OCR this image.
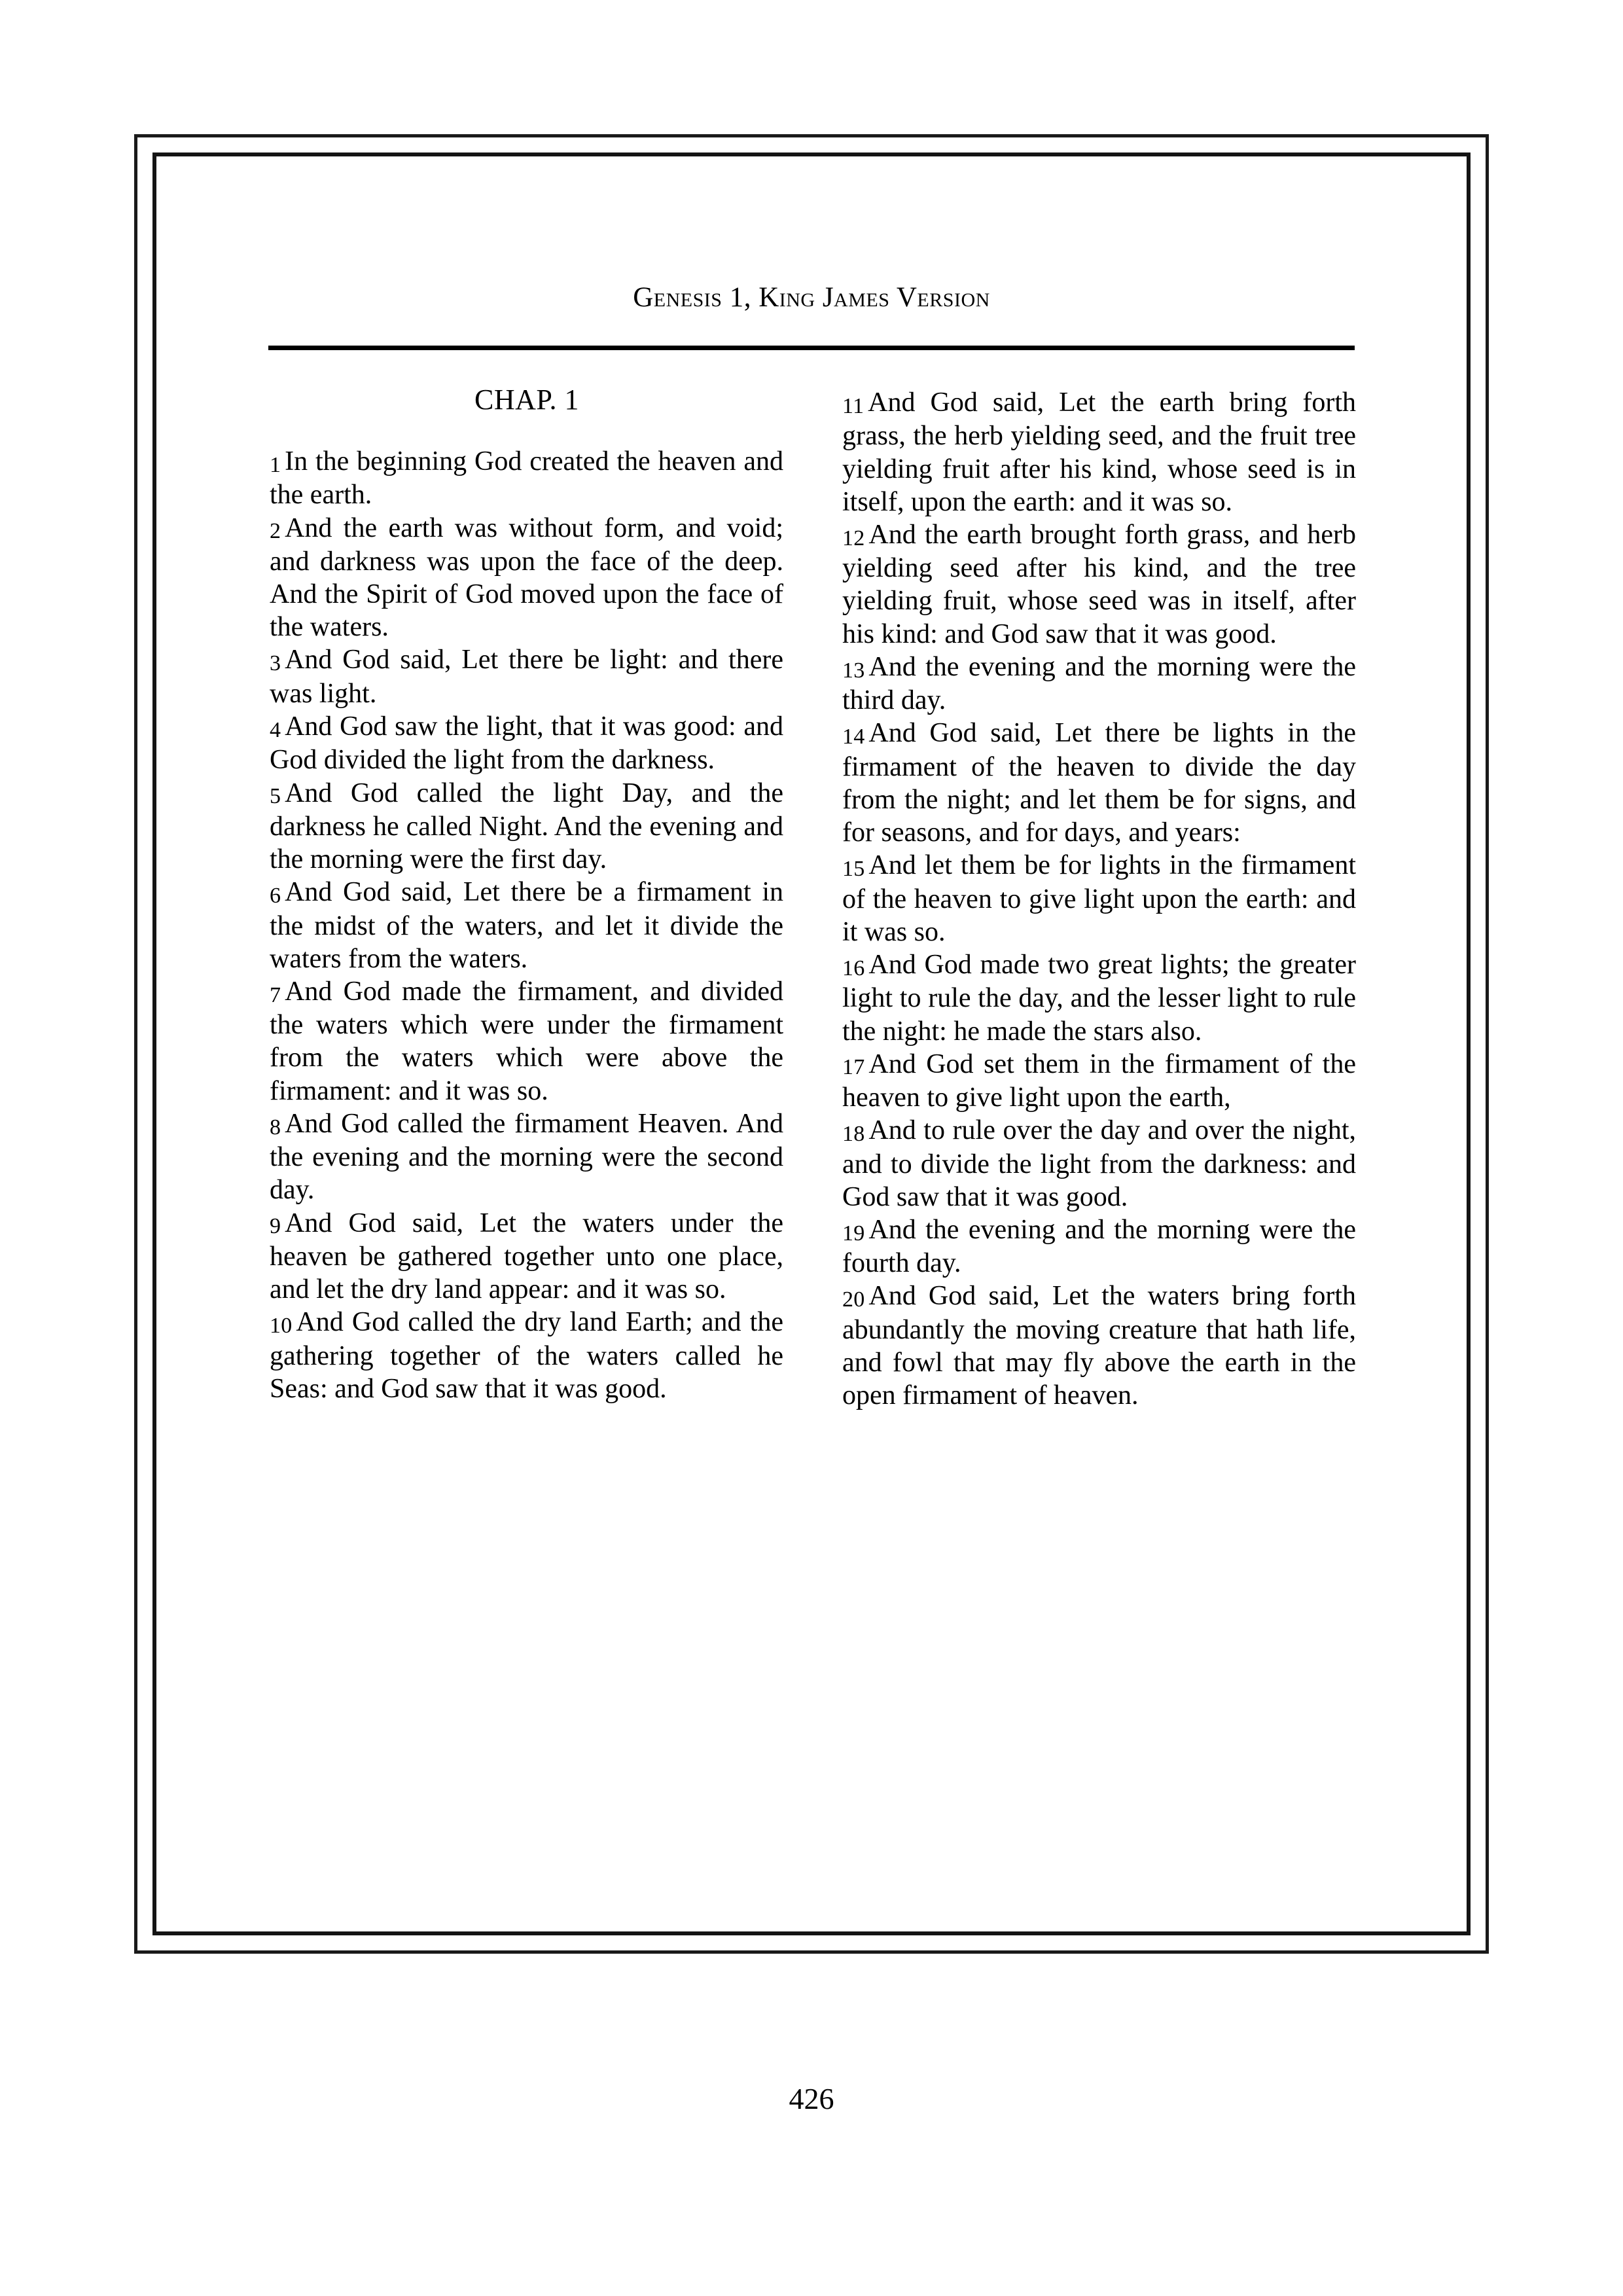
Genesis 1, King James Version
CHAP. 1

1 In the beginning God created the heaven and the earth.

2 And the earth was without form, and void; and darkness was upon the face of the deep. And the Spirit of God moved upon the face of the waters.

3 And God said, Let there be light: and there was light.

4 And God saw the light, that it was good: and God divided the light from the darkness.

5 And God called the light Day, and the darkness he called Night. And the evening and the morning were the first day.

6 And God said, Let there be a firmament in the midst of the waters, and let it divide the waters from the waters.

7 And God made the firmament, and divided the waters which were under the firmament from the waters which were above the firmament: and it was so.

8 And God called the firmament Heaven. And the evening and the morning were the second day.

9 And God said, Let the waters under the heaven be gathered together unto one place, and let the dry land appear: and it was so.

10 And God called the dry land Earth; and the gathering together of the waters called he Seas: and God saw that it was good.

11 And God said, Let the earth bring forth grass, the herb yielding seed, and the fruit tree yielding fruit after his kind, whose seed is in itself, upon the earth: and it was so.

12 And the earth brought forth grass, and herb yielding seed after his kind, and the tree yielding fruit, whose seed was in itself, after his kind: and God saw that it was good.

13 And the evening and the morning were the third day.

14 And God said, Let there be lights in the firmament of the heaven to divide the day from the night; and let them be for signs, and for seasons, and for days, and years:

15 And let them be for lights in the firmament of the heaven to give light upon the earth: and it was so.

16 And God made two great lights; the greater light to rule the day, and the lesser light to rule the night: he made the stars also.

17 And God set them in the firmament of the heaven to give light upon the earth,

18 And to rule over the day and over the night, and to divide the light from the darkness: and God saw that it was good.

19 And the evening and the morning were the fourth day.

20 And God said, Let the waters bring forth abundantly the moving creature that hath life, and fowl that may fly above the earth in the open firmament of heaven.

426
